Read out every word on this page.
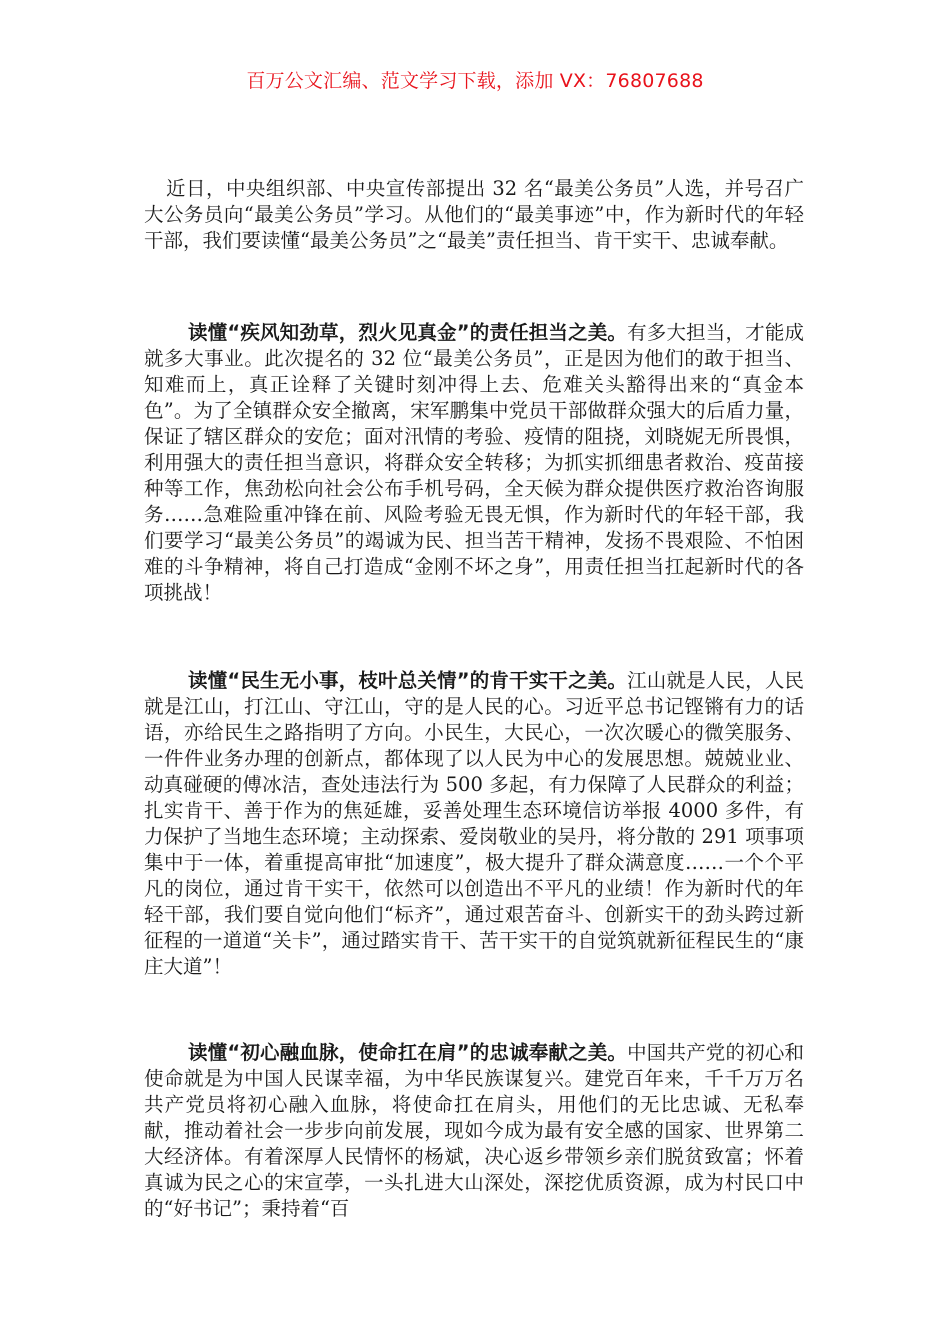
百万公文汇编、范文学习下载，添加 VX：76807688

近日，中央组织部、中央宣传部提出 32 名“最美公务员”人选，并号召广大公务员向“最美公务员”学习。从他们的“最美事迹”中，作为新时代的年轻干部，我们要读懂“最美公务员”之“最美”责任担当、肯干实干、忠诚奉献。

读懂“疾风知劲草，烈火见真金”的责任担当之美。有多大担当，才能成就多大事业。此次提名的 32 位“最美公务员”，正是因为他们的敢于担当、知难而上，真正诠释了关键时刻冲得上去、危难关头豁得出来的“真金本色”。为了全镇群众安全撤离，宋军鹏集中党员干部做群众强大的后盾力量，保证了辖区群众的安危；面对汛情的考验、疫情的阻挠，刘晓妮无所畏惧，利用强大的责任担当意识，将群众安全转移；为抓实抓细患者救治、疫苗接种等工作，焦劲松向社会公布手机号码，全天候为群众提供医疗救治咨询服务……急难险重冲锋在前、风险考验无畏无惧，作为新时代的年轻干部，我们要学习“最美公务员”的竭诚为民、担当苦干精神，发扬不畏艰险、不怕困难的斗争精神，将自己打造成“金刚不坏之身”，用责任担当扛起新时代的各项挑战！

读懂“民生无小事，枝叶总关情”的肯干实干之美。江山就是人民，人民就是江山，打江山、守江山，守的是人民的心。习近平总书记铿锵有力的话语，亦给民生之路指明了方向。小民生，大民心，一次次暖心的微笑服务、一件件业务办理的创新点，都体现了以人民为中心的发展思想。兢兢业业、动真碰硬的傅冰洁，查处违法行为 500 多起，有力保障了人民群众的利益；扎实肯干、善于作为的焦延雄，妥善处理生态环境信访举报 4000 多件，有力保护了当地生态环境；主动探索、爱岗敬业的吴丹，将分散的 291 项事项集中于一体，着重提高审批“加速度”，极大提升了群众满意度……一个个平凡的岗位，通过肯干实干，依然可以创造出不平凡的业绩！作为新时代的年轻干部，我们要自觉向他们“标齐”，通过艰苦奋斗、创新实干的劲头跨过新征程的一道道“关卡”，通过踏实肯干、苦干实干的自觉筑就新征程民生的“康庄大道”！

读懂“初心融血脉，使命扛在肩”的忠诚奉献之美。中国共产党的初心和使命就是为中国人民谋幸福，为中华民族谋复兴。建党百年来，千千万万名共产党员将初心融入血脉，将使命扛在肩头，用他们的无比忠诚、无私奉献，推动着社会一步步向前发展，现如今成为最有安全感的国家、世界第二大经济体。有着深厚人民情怀的杨斌，决心返乡带领乡亲们脱贫致富；怀着真诚为民之心的宋宣荸，一头扎进大山深处，深挖优质资源，成为村民口中的“好书记”；秉持着“百
